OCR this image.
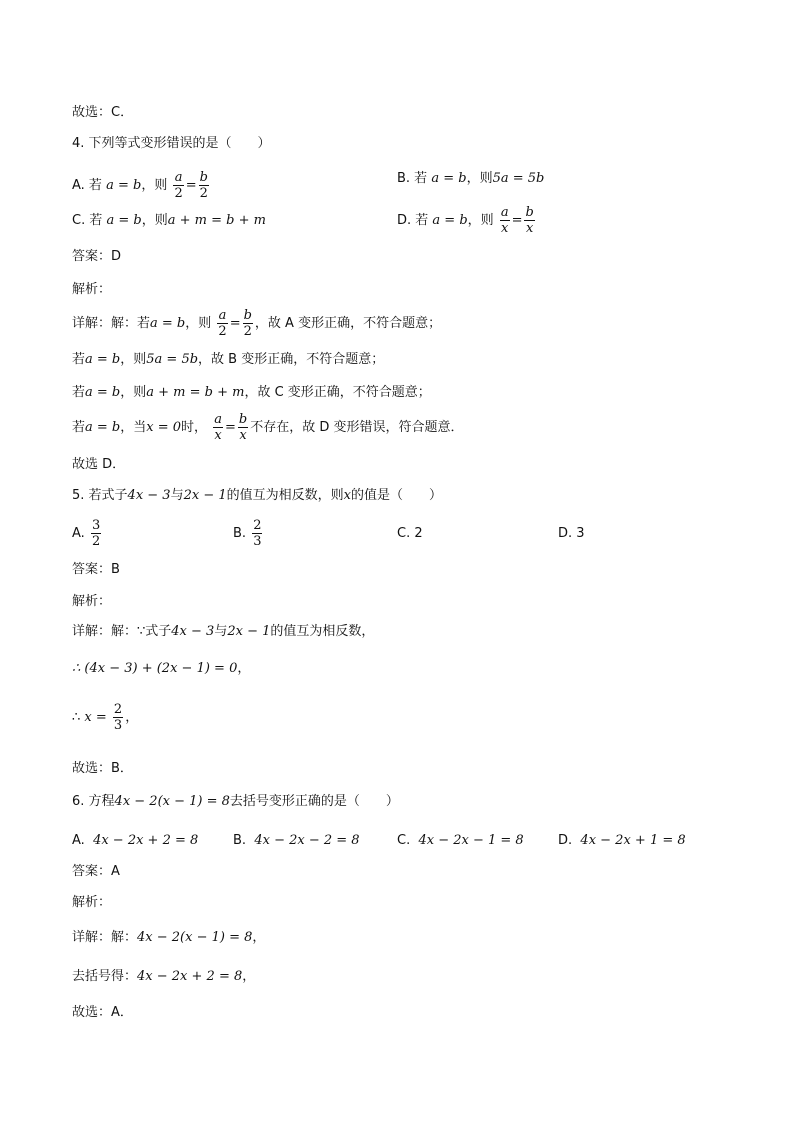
故选：C．
4. 下列等式变形错误的是（　　）
A. 若 a = b，则 $\frac{a}{2} = \frac{b}{2}$	B. 若 a = b，则5a = 5b
C. 若 a = b，则a + m = b + m	D. 若 a = b，则 $\frac{a}{x} = \frac{b}{x}$
答案：D
解析：
详解：解：若a = b，则 $\frac{a}{2} = \frac{b}{2}$ ，故 A 变形正确，不符合题意；
若a = b，则5a = 5b，故 B 变形正确，不符合题意；
若a = b，则a + m = b + m，故 C 变形正确，不符合题意；
若a = b，当x = 0时， $\frac{a}{x} = \frac{b}{x}$ 不存在，故 D 变形错误，符合题意．
故选 D．
5. 若式子4x − 3与2x − 1的值互为相反数，则x的值是（　　）
A. $\frac{3}{2}$	B. $\frac{2}{3}$	C. 2	D. 3
答案：B
解析：
详解：解：∵式子4x − 3与2x − 1的值互为相反数，
∴ (4x − 3) + (2x − 1) = 0，
∴ $x = \frac{2}{3}$ ，
故选：B．
6. 方程4x − 2(x − 1) = 8去括号变形正确的是（　　）
A. 4x − 2x + 2 = 8	B. 4x − 2x − 2 = 8	C. 4x − 2x − 1 = 8	D. 4x − 2x + 1 = 8
答案：A
解析：
详解：解：4x − 2(x − 1) = 8，
去括号得：4x − 2x + 2 = 8，
故选：A．
